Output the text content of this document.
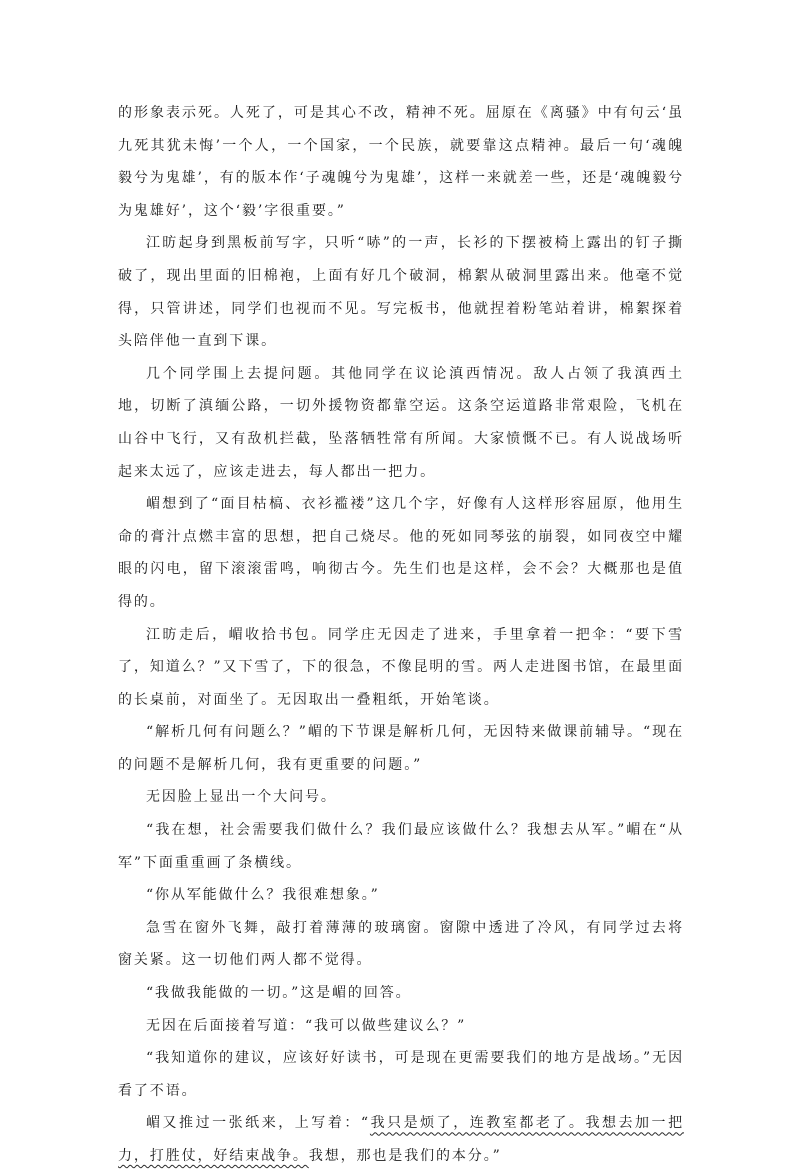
的形象表示死。人死了，可是其心不改，精神不死。屈原在《离骚》中有句云‘虽九死其犹未悔’一个人，一个国家，一个民族，就要靠这点精神。最后一句‘魂魄毅兮为鬼雄’，有的版本作‘子魂魄兮为鬼雄’，这样一来就差一些，还是‘魂魄毅兮为鬼雄好’，这个‘毅’字很重要。”

江昉起身到黑板前写字，只听“哧”的一声，长衫的下摆被椅上露出的钉子撕破了，现出里面的旧棉袍，上面有好几个破洞，棉絮从破洞里露出来。他毫不觉得，只管讲述，同学们也视而不见。写完板书，他就捏着粉笔站着讲，棉絮探着头陪伴他一直到下课。

几个同学围上去提问题。其他同学在议论滇西情况。敌人占领了我滇西土地，切断了滇缅公路，一切外援物资都靠空运。这条空运道路非常艰险，飞机在山谷中飞行，又有敌机拦截，坠落牺牲常有所闻。大家愤慨不已。有人说战场听起来太远了，应该走进去，每人都出一把力。

嵋想到了“面目枯槁、衣衫褴褛”这几个字，好像有人这样形容屈原，他用生命的膏汁点燃丰富的思想，把自己烧尽。他的死如同琴弦的崩裂，如同夜空中耀眼的闪电，留下滚滚雷鸣，响彻古今。先生们也是这样，会不会？大概那也是值得的。

江昉走后，嵋收拾书包。同学庄无因走了进来，手里拿着一把伞：“要下雪了，知道么？”又下雪了，下的很急，不像昆明的雪。两人走进图书馆，在最里面的长桌前，对面坐了。无因取出一叠粗纸，开始笔谈。

“解析几何有问题么？”嵋的下节课是解析几何，无因特来做课前辅导。“现在的问题不是解析几何，我有更重要的问题。”

无因脸上显出一个大问号。

“我在想，社会需要我们做什么？我们最应该做什么？我想去从军。”嵋在“从军”下面重重画了条横线。

“你从军能做什么？我很难想象。”

急雪在窗外飞舞，敲打着薄薄的玻璃窗。窗隙中透进了冷风，有同学过去将窗关紧。这一切他们两人都不觉得。

“我做我能做的一切。”这是嵋的回答。

无因在后面接着写道：“我可以做些建议么？”

“我知道你的建议，应该好好读书，可是现在更需要我们的地方是战场。”无因看了不语。

嵋又推过一张纸来，上写着：“我只是烦了，连教室都老了。我想去加一把力，打胜仗，好结束战争。我想，那也是我们的本分。”
